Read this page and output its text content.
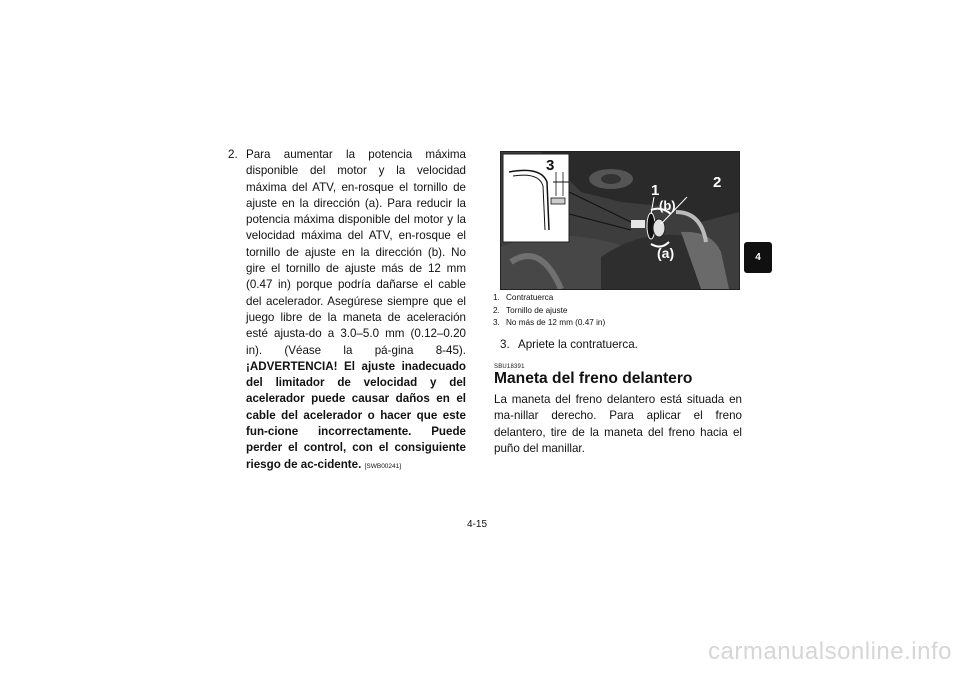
2. Para aumentar la potencia máxima disponible del motor y la velocidad máxima del ATV, en-rosque el tornillo de ajuste en la dirección (a). Para reducir la potencia máxima disponible del motor y la velocidad máxima del ATV, en-rosque el tornillo de ajuste en la dirección (b). No gire el tornillo de ajuste más de 12 mm (0.47 in) porque podría dañarse el cable del acelerador. Asegúrese siempre que el juego libre de la maneta de aceleración esté ajusta-do a 3.0–5.0 mm (0.12–0.20 in). (Véase la pá-gina 8-45). ¡ADVERTENCIA! El ajuste inadecuado del limitador de velocidad y del acelerador puede causar daños en el cable del acelerador o hacer que este fun-cione incorrectamente. Puede perder el control, con el consiguiente riesgo de ac-cidente. [SWB00241]
3
1	2
(b)
(a)
1. Contratuerca
2. Tornillo de ajuste
3. No más de 12 mm (0.47 in)
3. Apriete la contratuerca.
SBU18391
Maneta del freno delantero
La maneta del freno delantero está situada en ma-nillar derecho. Para aplicar el freno delantero, tire de la maneta del freno hacia el puño del manillar.
4
4-15
carmanualsonline.info
